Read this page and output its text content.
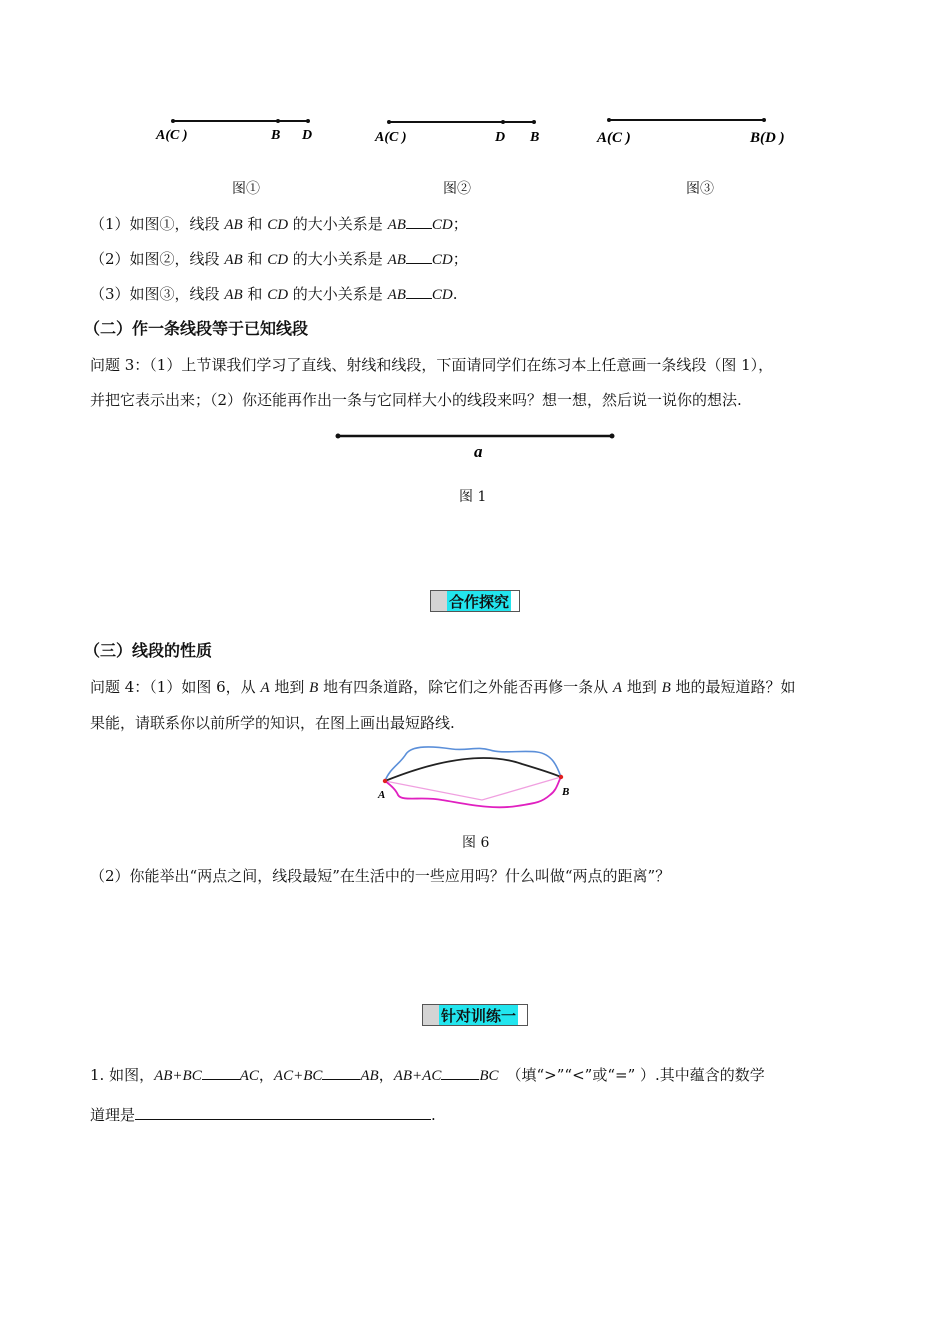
A(C )	B D	A(C )	D B	A(C )	B(D )
图①	图②	图③
（1）如图①，线段 AB 和 CD 的大小关系是 AB CD；
（2）如图②，线段 AB 和 CD 的大小关系是 AB CD；
（3）如图③，线段 AB 和 CD 的大小关系是 AB CD.
（二）作一条线段等于已知线段
问题 3：（1）上节课我们学习了直线、射线和线段，下面请同学们在练习本上任意画一条线段（图 1），
并把它表示出来；（2）你还能再作出一条与它同样大小的线段来吗？想一想，然后说一说你的想法.
a
图 1
合作探究
（三）线段的性质
问题 4：（1）如图 6，从 A 地到 B 地有四条道路，除它们之外能否再修一条从 A 地到 B 地的最短道路？如
果能，请联系你以前所学的知识，在图上画出最短路线.
A	B
图 6
（2）你能举出“两点之间，线段最短”在生活中的一些应用吗？什么叫做“两点的距离”？
针对训练一
1. 如图，AB+BC	AC，AC+BC	AB，AB+AC	BC （填“>”“<”或“=” ）.其中蕴含的数学
道理是	.
